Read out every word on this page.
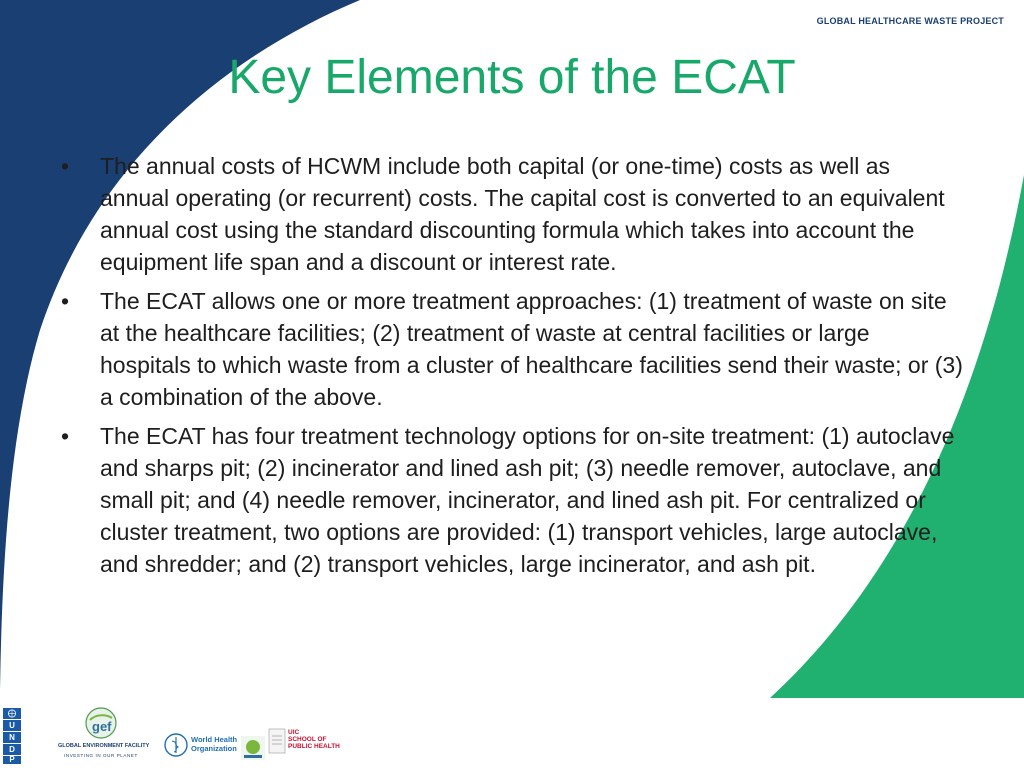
GLOBAL HEALTHCARE WASTE PROJECT
Key Elements of the ECAT
• The annual costs of HCWM include both capital (or one-time) costs as well as annual operating (or recurrent) costs. The capital cost is converted to an equivalent annual cost using the standard discounting formula which takes into account the equipment life span and a discount or interest rate.
• The ECAT allows one or more treatment approaches: (1) treatment of waste on site at the healthcare facilities; (2) treatment of waste at central facilities or large hospitals to which waste from a cluster of healthcare facilities send their waste; or (3) a combination of the above.
• The ECAT has four treatment technology options for on-site treatment: (1) autoclave and sharps pit; (2) incinerator and lined ash pit; (3) needle remover, autoclave, and small pit; and (4) needle remover, incinerator, and lined ash pit. For centralized or cluster treatment, two options are provided: (1) transport vehicles, large autoclave, and shredder; and (2) transport vehicles, large incinerator, and ash pit.
U
N
D
P
gef
GLOBAL ENVIRONMENT FACILITY
INVESTING IN OUR PLANET
World Health
Organization
UIC
SCHOOL OF
PUBLIC HEALTH
